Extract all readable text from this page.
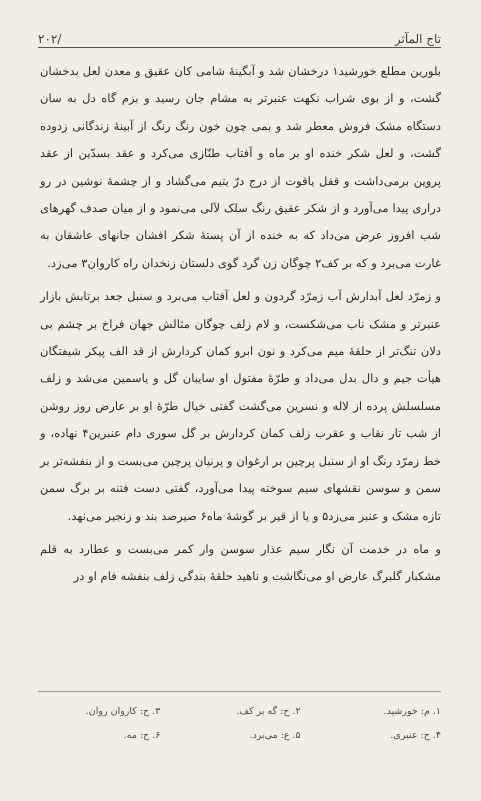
تاج المآثر
/۲۰۲

بلورین مطلع خورشید۱ درخشان شد و آبگینهٔ شامی کان عقیق و معدن لعل بدخشان گشت، و از بوی شراب نکهت عنبرتر به مشام جان رسید و بزم گاه دل به سان دستگاه مشک فروش معطر شد و بمی چون خون رنگ رنگ از آبینهٔ زندگانی زدوده گشت، و لعل شکر خنده او بر ماه و آفتاب طنّازی می‌کرد و عقد بسدّین از عقد پروین برمی‌داشت و قفل یاقوت از درج درّ یتیم می‌گشاد و از چشمهٔ نوشین در رو دراری پیدا می‌آورد و از شکر عقیق رنگ سلک لآلی می‌نمود و از میان صدف گهرهای شب افروز عرض می‌داد که به خنده از آن پستهٔ شکر افشان جانهای عاشقان به غارت می‌برد و که بر کف۲ چوگان زن گرد گوی دلستان زنخدان راه کاروان۳ می‌زد.

و زمرّد لعل آبدارش آب زمرّد گردون و لعل آفتاب می‌برد و سنبل جعد برتابش بازار عنبرتر و مشک ناب می‌شکست، و لام زلف چوگان مثالش جهان فراخ بر چشم بی دلان تنگ‌تر از حلقهٔ میم می‌کرد و نون ابرو کمان کردارش از قد الف پیکر شیفتگان هیأت جیم و دال بدل می‌داد و طرّهٔ مفتول او سایبان گل و یاسمین می‌شد و زلف مسلسلش پرده از لاله و نسرین می‌گشت گفتی خیال طرّهٔ او بر عارض روز روشن از شب تار نقاب و عقرب زلف کمان کردارش بر گل سوری دام عنبرین۴ نهاده، و خط زمرّد رنگ او از سنبل پرچین بر ارغوان و پرنیان پرچین می‌بست و از بنفشه‌تر بر سمن و سوسن نقشهای سیم سوخته پیدا می‌آورد، گفتی دست فتنه بر برگ سمن تازه مشک و عنبر می‌زد۵ و یا از قیر بر گوشهٔ ماه۶ صیرصد بند و زنجیر می‌نهد.

و ماه در خدمت آن نگار سیم عذار سوسن وار کمر می‌بست و عطارد به قلم مشکبار گلبرگ عارض او می‌نگاشت و ناهید حلقهٔ بندگی زلف بنفشه فام او در

۱. م: خورشید.
۲. ح: گه بر کف.
۳. ح: کاروان روان.
۴. ح: عنبری.
۵. ع: می‌برد.
۶. ح: مه.
